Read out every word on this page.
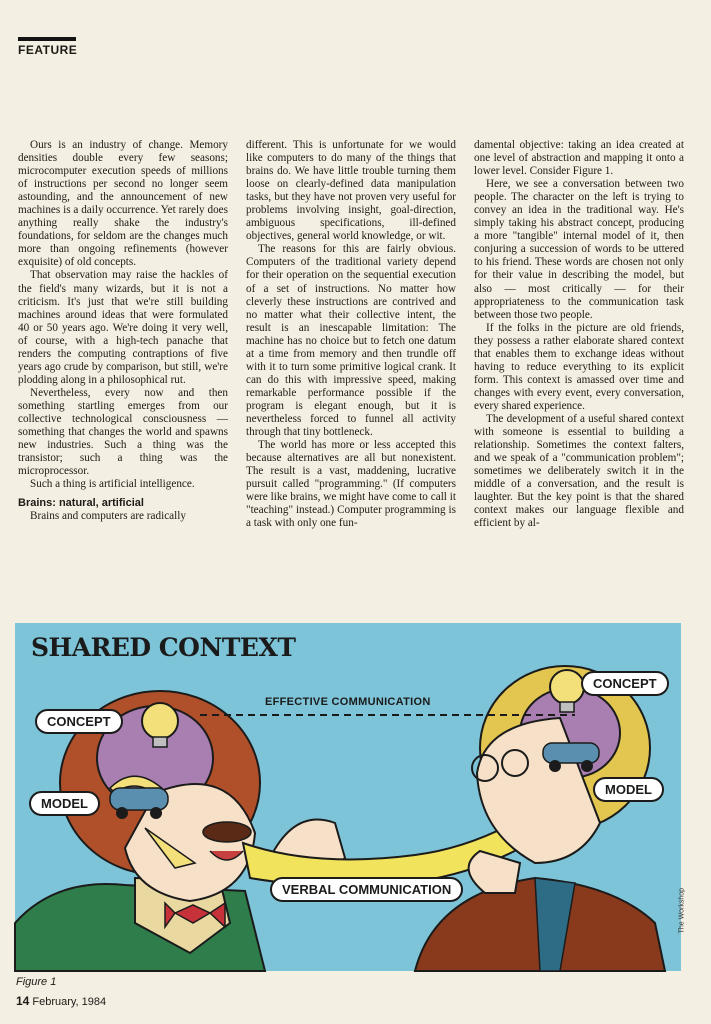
FEATURE

Ours is an industry of change. Memory densities double every few seasons; microcomputer execution speeds of millions of instructions per second no longer seem astounding, and the announcement of new machines is a daily occurrence. Yet rarely does anything really shake the industry's foundations, for seldom are the changes much more than ongoing refinements (however exquisite) of old concepts.

That observation may raise the hackles of the field's many wizards, but it is not a criticism. It's just that we're still building machines around ideas that were formulated 40 or 50 years ago. We're doing it very well, of course, with a high-tech panache that renders the computing contraptions of five years ago crude by comparison, but still, we're plodding along in a philosophical rut.

Nevertheless, every now and then something startling emerges from our collective technological consciousness — something that changes the world and spawns new industries. Such a thing was the transistor; such a thing was the microprocessor.

Such a thing is artificial intelligence.

Brains: natural, artificial

Brains and computers are radically

different. This is unfortunate for we would like computers to do many of the things that brains do. We have little trouble turning them loose on clearly-defined data manipulation tasks, but they have not proven very useful for problems involving insight, goal-direction, ambiguous specifications, ill-defined objectives, general world knowledge, or wit.

The reasons for this are fairly obvious. Computers of the traditional variety depend for their operation on the sequential execution of a set of instructions. No matter how cleverly these instructions are contrived and no matter what their collective intent, the result is an inescapable limitation: The machine has no choice but to fetch one datum at a time from memory and then trundle off with it to turn some primitive logical crank. It can do this with impressive speed, making remarkable performance possible if the program is elegant enough, but it is nevertheless forced to funnel all activity through that tiny bottleneck.

The world has more or less accepted this because alternatives are all but nonexistent. The result is a vast, maddening, lucrative pursuit called "programming." (If computers were like brains, we might have come to call it "teaching" instead.) Computer programming is a task with only one fun-

damental objective: taking an idea created at one level of abstraction and mapping it onto a lower level. Consider Figure 1.

Here, we see a conversation between two people. The character on the left is trying to convey an idea in the traditional way. He's simply taking his abstract concept, producing a more "tangible" internal model of it, then conjuring a succession of words to be uttered to his friend. These words are chosen not only for their value in describing the model, but also — most critically — for their appropriateness to the communication task between those two people.

If the folks in the picture are old friends, they possess a rather elaborate shared context that enables them to exchange ideas without having to reduce everything to its explicit form. This context is amassed over time and changes with every event, every conversation, every shared experience.

The development of a useful shared context with someone is essential to building a relationship. Sometimes the context falters, and we speak of a "communication problem"; sometimes we deliberately switch it in the middle of a conversation, and the result is laughter. But the key point is that the shared context makes our language flexible and efficient by al-

SHARED CONTEXT
EFFECTIVE COMMUNICATION
CONCEPT
MODEL
CONCEPT
MODEL
VERBAL COMMUNICATION	The Workshop
Figure 1
14 February, 1984
